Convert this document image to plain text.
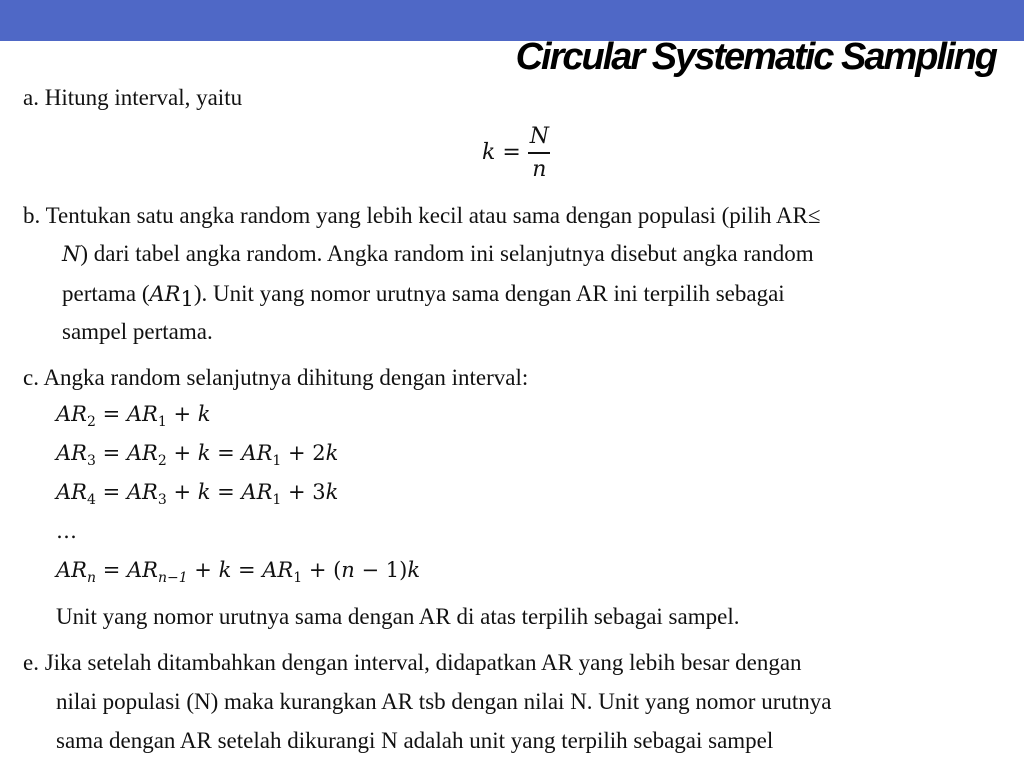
Circular Systematic Sampling
a. Hitung interval, yaitu
$k = \frac{N}{n}$
b. Tentukan satu angka random yang lebih kecil atau sama dengan populasi (pilih AR≤
N) dari tabel angka random. Angka random ini selanjutnya disebut angka random
pertama $(AR_1)$. Unit yang nomor urutnya sama dengan AR ini terpilih sebagai
sampel pertama.
c. Angka random selanjutnya dihitung dengan interval:
$AR_2 = AR_1 + k$
$AR_3 = AR_2 + k = AR_1 + 2k$
$AR_4 = AR_3 + k = AR_1 + 3k$
…
$AR_n = AR_{n-1} + k = AR_1 + (n - 1)k$
Unit yang nomor urutnya sama dengan AR di atas terpilih sebagai sampel.
e. Jika setelah ditambahkan dengan interval, didapatkan AR yang lebih besar dengan
nilai populasi (N) maka kurangkan AR tsb dengan nilai N. Unit yang nomor urutnya
sama dengan AR setelah dikurangi N adalah unit yang terpilih sebagai sampel
